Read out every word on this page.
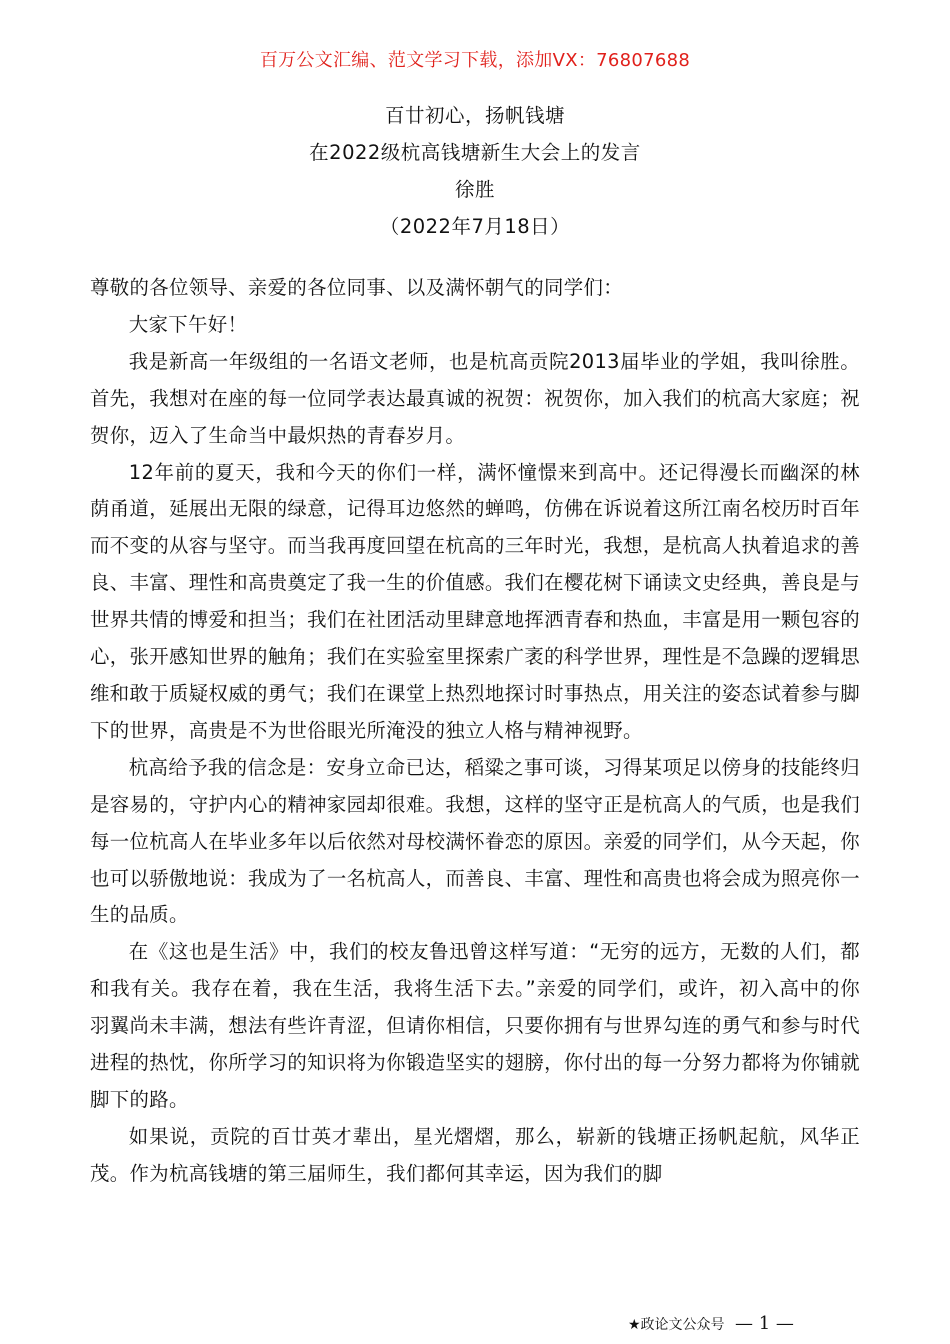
百万公文汇编、范文学习下载，添加VX：76807688
百廿初心，扬帆钱塘
在2022级杭高钱塘新生大会上的发言
徐胜
（2022年7月18日）

尊敬的各位领导、亲爱的各位同事、以及满怀朝气的同学们：

大家下午好！

我是新高一年级组的一名语文老师，也是杭高贡院2013届毕业的学姐，我叫徐胜。首先，我想对在座的每一位同学表达最真诚的祝贺：祝贺你，加入我们的杭高大家庭；祝贺你，迈入了生命当中最炽热的青春岁月。

12年前的夏天，我和今天的你们一样，满怀憧憬来到高中。还记得漫长而幽深的林荫甬道，延展出无限的绿意，记得耳边悠然的蝉鸣，仿佛在诉说着这所江南名校历时百年而不变的从容与坚守。而当我再度回望在杭高的三年时光，我想，是杭高人执着追求的善良、丰富、理性和高贵奠定了我一生的价值感。我们在樱花树下诵读文史经典，善良是与世界共情的博爱和担当；我们在社团活动里肆意地挥洒青春和热血，丰富是用一颗包容的心，张开感知世界的触角；我们在实验室里探索广袤的科学世界，理性是不急躁的逻辑思维和敢于质疑权威的勇气；我们在课堂上热烈地探讨时事热点，用关注的姿态试着参与脚下的世界，高贵是不为世俗眼光所淹没的独立人格与精神视野。

杭高给予我的信念是：安身立命已达，稻粱之事可谈，习得某项足以傍身的技能终归是容易的，守护内心的精神家园却很难。我想，这样的坚守正是杭高人的气质，也是我们每一位杭高人在毕业多年以后依然对母校满怀眷恋的原因。亲爱的同学们，从今天起，你也可以骄傲地说：我成为了一名杭高人，而善良、丰富、理性和高贵也将会成为照亮你一生的品质。

在《这也是生活》中，我们的校友鲁迅曾这样写道：“无穷的远方，无数的人们，都和我有关。我存在着，我在生活，我将生活下去。”亲爱的同学们，或许，初入高中的你羽翼尚未丰满，想法有些许青涩，但请你相信，只要你拥有与世界勾连的勇气和参与时代进程的热忱，你所学习的知识将为你锻造坚实的翅膀，你付出的每一分努力都将为你铺就脚下的路。

如果说，贡院的百廿英才辈出，星光熠熠，那么，崭新的钱塘正扬帆起航，风华正茂。作为杭高钱塘的第三届师生，我们都何其幸运，因为我们的脚

★政论文公众号 — 1 —
